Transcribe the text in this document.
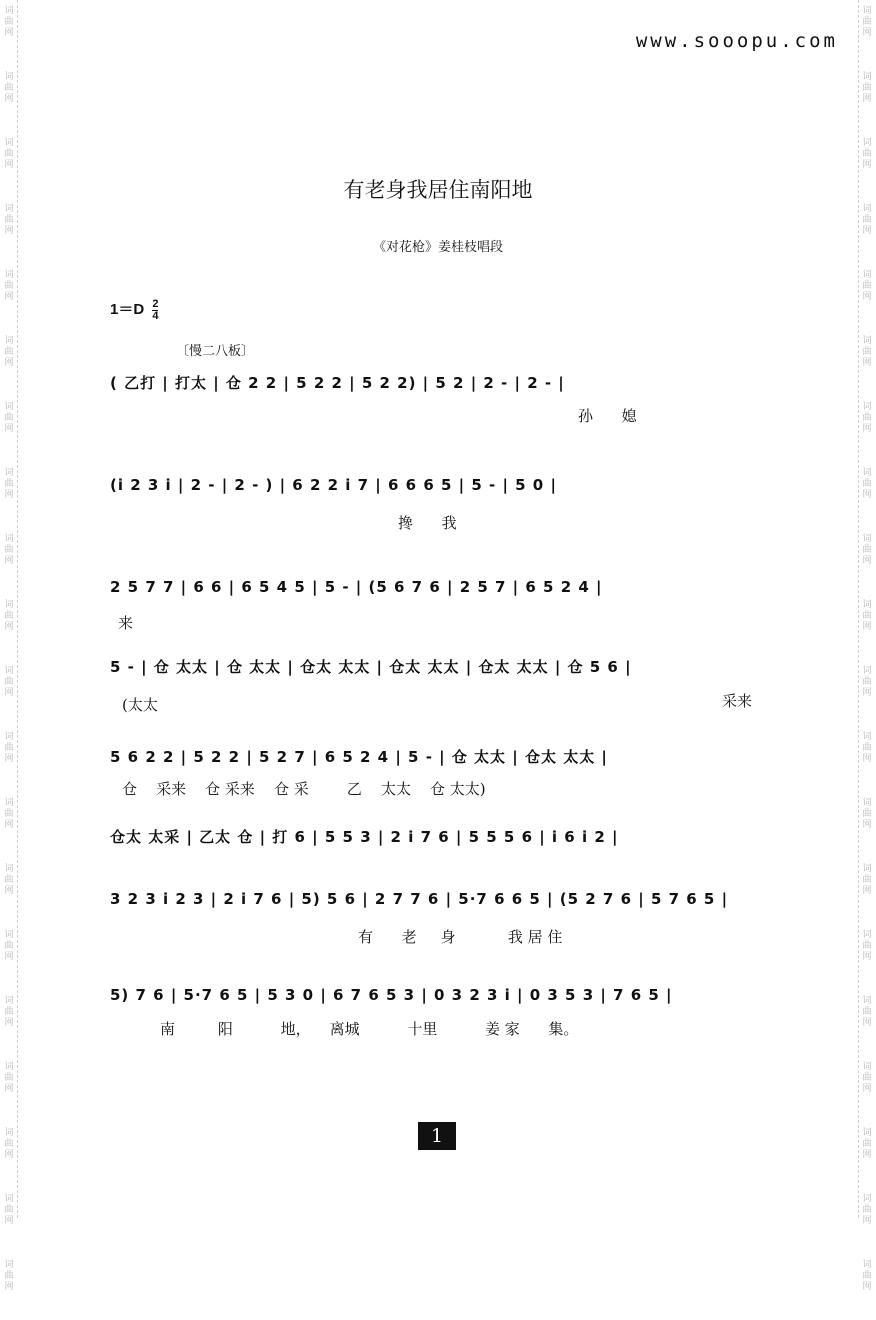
词
曲
网
词
曲
网
词
曲
网
词
曲
网
词
曲
网
词
曲
网
词
曲
网
词
曲
网
词
曲
网
词
曲
网
词
曲
网
词
曲
网
词
曲
网
词
曲
网
词
曲
网
词
曲
网
词
曲
网
词
曲
网
词
曲
网
词
曲
网
词
曲
网
词
曲
网
词
曲
网
词
曲
网
词
曲
网
词
曲
网
词
曲
网
词
曲
网
词
曲
网
词
曲
网
词
曲
网
词
曲
网
词
曲
网
词
曲
网
词
曲
网
词
曲
网
词
曲
网
词
曲
网
词
曲
网
词
曲
网
www.sooopu.com
有老身我居住南阳地
《对花枪》姜桂枝唱段
$1=D \frac{2}{4}$
〔慢二八板〕
( 乙打 | 打太 | 仓 2 2 | 5 2 2 | 5 2 2) | 5 2 | 2 - | 2 - |
(i 2 3 i | 2 - | 2 - ) | 6 2 2 i 7 | 6 6 6 5 | 5 - | 5 0 |
2 5 7 7 | 6 6 | 6 5 4 5 | 5 - | (5 6 7 6 | 2 5 7 | 6 5 2 4 |
5 - | 仓 太太 | 仓 太太 | 仓太 太太 | 仓太 太太 | 仓太 太太 | 仓 5 6 |
5 6 2 2 | 5 2 2 | 5 2 7 | 6 5 2 4 | 5 - | 仓 太太 | 仓太 太太 |
仓太 太采 | 乙太 仓 | 打 6 | 5 5 3 | 2 i 7 6 | 5 5 5 6 | i 6 i 2 |
3 2 3 i 2 3 | 2 i 7 6 | 5) 5 6 | 2 7 7 6 | 5·7 6 6 5 | (5 2 7 6 | 5 7 6 5 |
5) 7 6 | 5·7 6 5 | 5 3 0 | 6 7 6 5 3 | 0 3 2 3 i | 0 3 5 3 | 7 6 5 |
孙      媳
搀      我
来
(太太	采来
仓    采来    仓 采来    仓 采        乙    太太    仓 太太)
有      老     身           我 居 住
南         阳          地，    离城          十里          姜 家      集。
1
